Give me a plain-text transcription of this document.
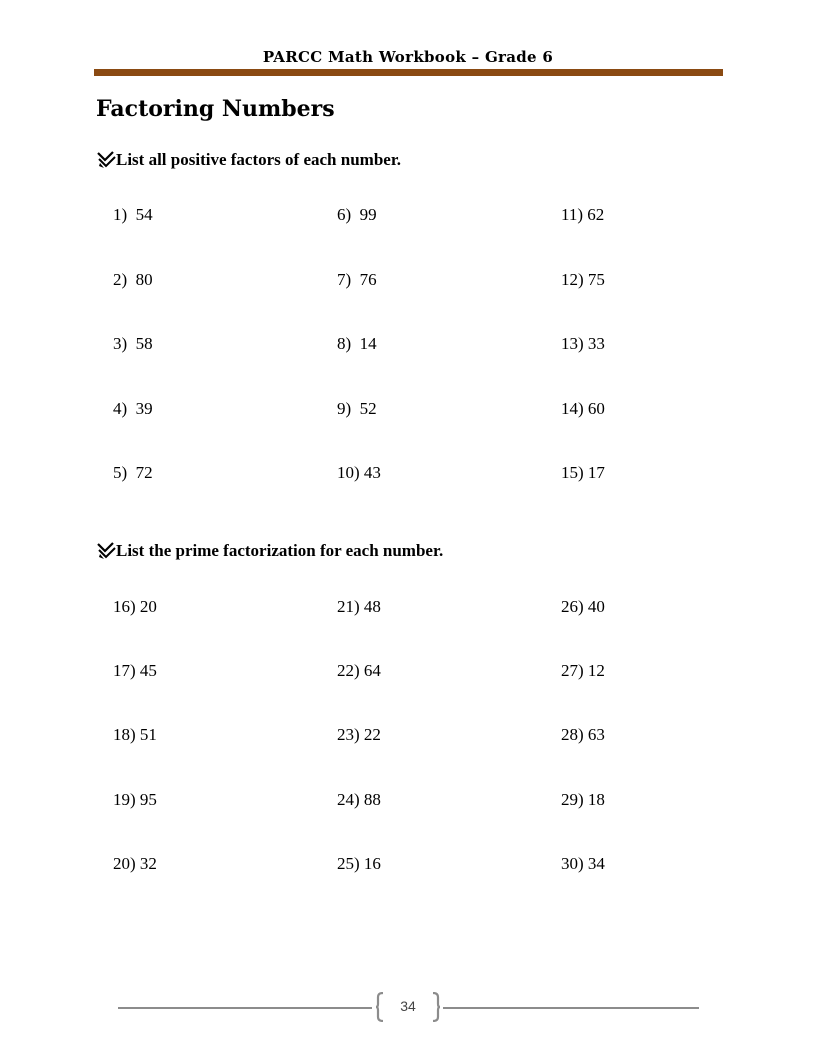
PARCC Math Workbook – Grade 6
Factoring Numbers
List all positive factors of each number.
1)  54	6)  99	11) 62
2)  80	7)  76	12) 75
3)  58	8)  14	13) 33
4)  39	9)  52	14) 60
5)  72	10) 43	15) 17
List the prime factorization for each number.
16) 20	21) 48	26) 40
17) 45	22) 64	27) 12
18) 51	23) 22	28) 63
19) 95	24) 88	29) 18
20) 32	25) 16	30) 34
34
